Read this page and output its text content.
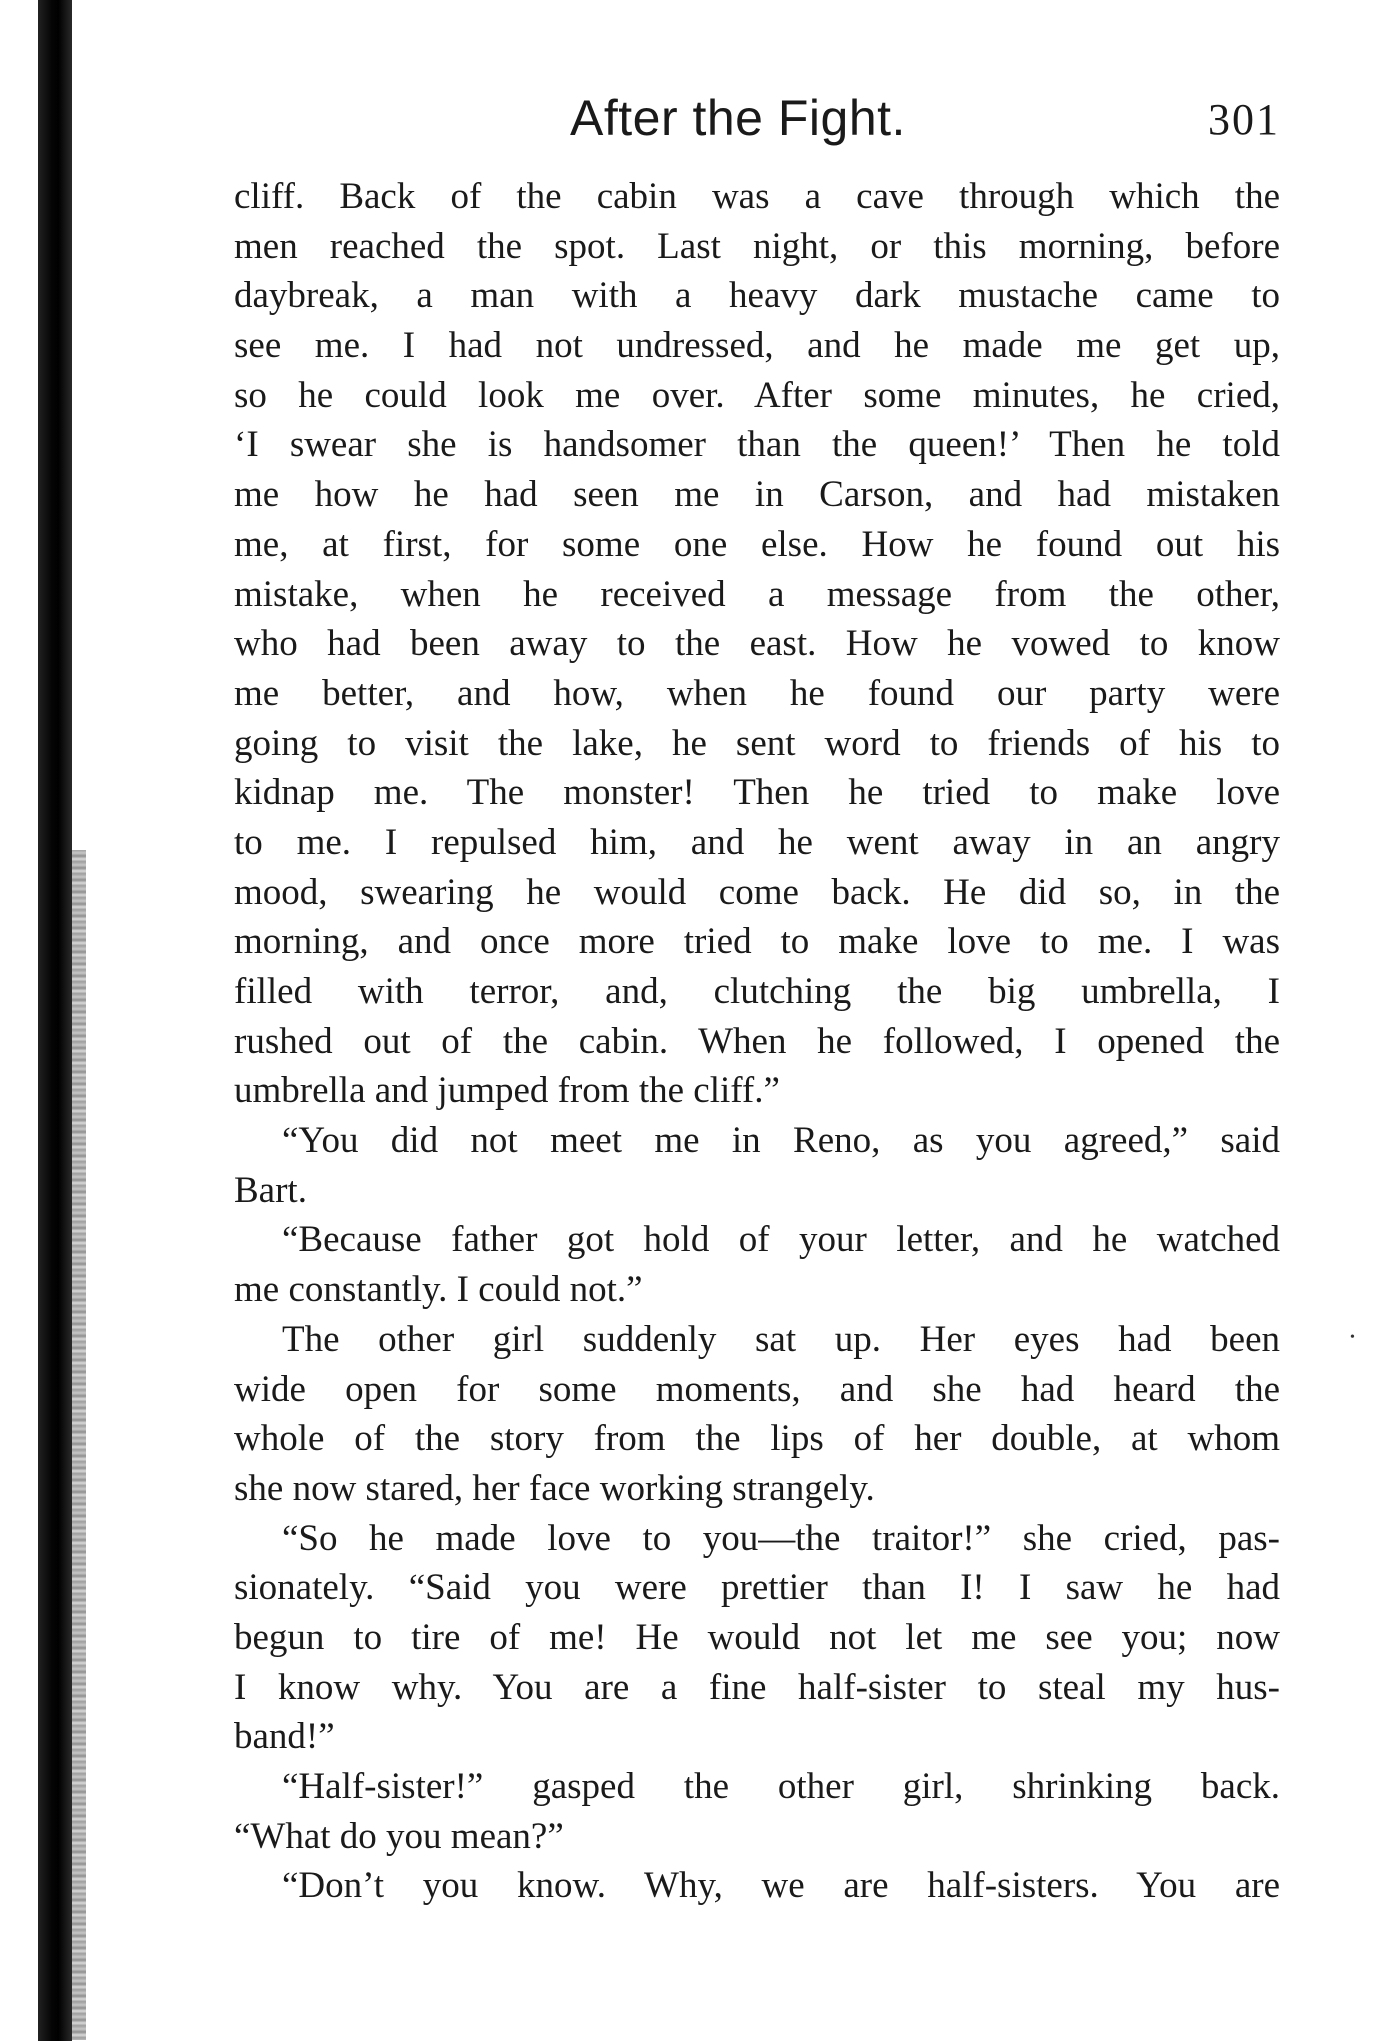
After the Fight.	301
cliff. Back of the cabin was a cave through which the
men reached the spot. Last night, or this morning, before
daybreak, a man with a heavy dark mustache came to
see me. I had not undressed, and he made me get up,
so he could look me over. After some minutes, he cried,
‘I swear she is handsomer than the queen!’ Then he told
me how he had seen me in Carson, and had mistaken
me, at first, for some one else. How he found out his
mistake, when he received a message from the other,
who had been away to the east. How he vowed to know
me better, and how, when he found our party were
going to visit the lake, he sent word to friends of his to
kidnap me. The monster! Then he tried to make love
to me. I repulsed him, and he went away in an angry
mood, swearing he would come back. He did so, in the
morning, and once more tried to make love to me. I was
filled with terror, and, clutching the big umbrella, I
rushed out of the cabin. When he followed, I opened the
umbrella and jumped from the cliff.”
“You did not meet me in Reno, as you agreed,” said
Bart.
“Because father got hold of your letter, and he watched
me constantly. I could not.”
The other girl suddenly sat up. Her eyes had been
wide open for some moments, and she had heard the
whole of the story from the lips of her double, at whom
she now stared, her face working strangely.
“So he made love to you—the traitor!” she cried, pas-
sionately. “Said you were prettier than I! I saw he had
begun to tire of me! He would not let me see you; now
I know why. You are a fine half-sister to steal my hus-
band!”
“Half-sister!” gasped the other girl, shrinking back.
“What do you mean?”
“Don’t you know. Why, we are half-sisters. You are
•
